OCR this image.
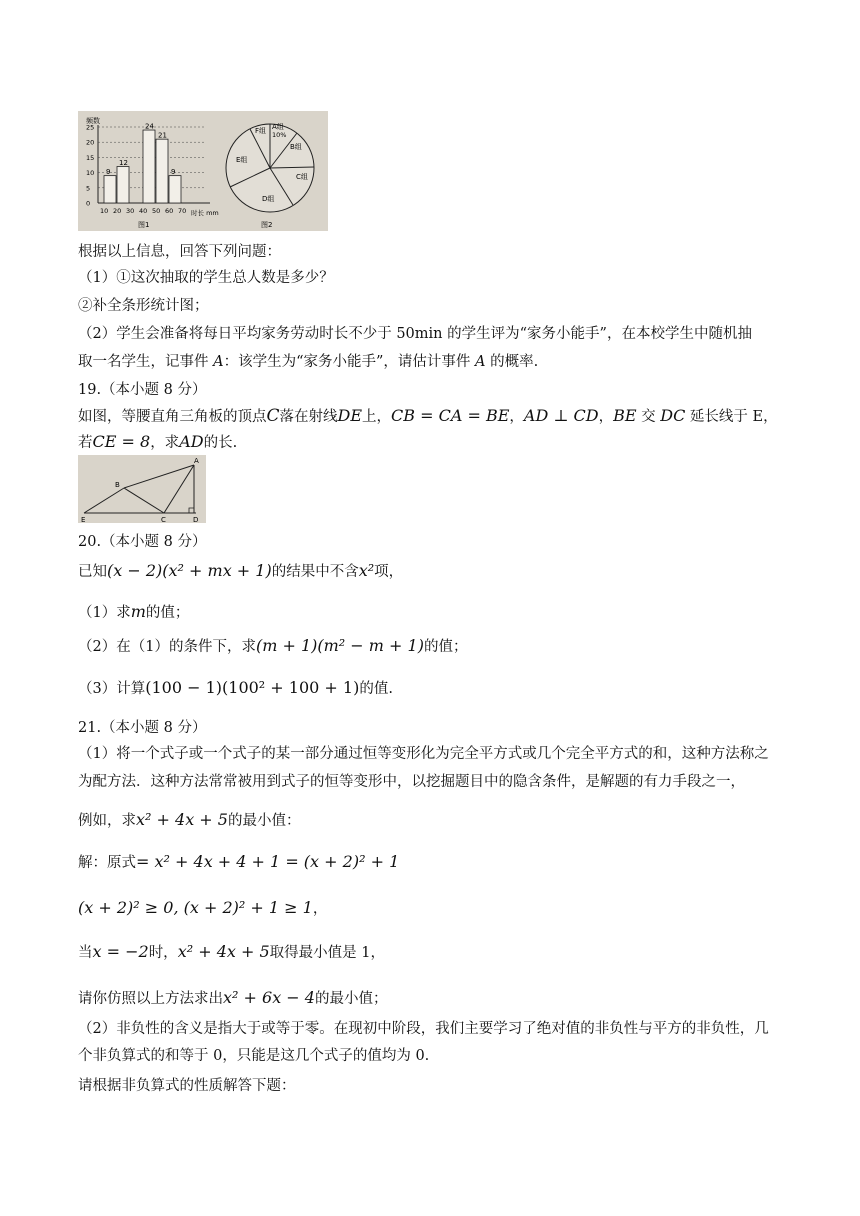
频数
时长 mm
图1
25
20
15
10
5
0
10 20 30 40 50 60 70
9
12
24
21
9
F组 A组
10%
B组
C组
D组
E组
图2
根据以上信息，回答下列问题：
（1）①这次抽取的学生总人数是多少？
②补全条形统计图；
（2）学生会准备将每日平均家务劳动时长不少于 50min 的学生评为“家务小能手”，在本校学生中随机抽
取一名学生，记事件 A：该学生为“家务小能手”，请估计事件 A 的概率.
19.（本小题 8 分）
如图，等腰直角三角板的顶点C落在射线DE上，CB = CA = BE，AD ⊥ CD，BE 交 DC 延长线于 E，
若CE = 8，求AD的长.
A
B
E	C	D
20.（本小题 8 分）
已知(x − 2)(x² + mx + 1)的结果中不含x²项，
（1）求m的值；
（2）在（1）的条件下，求(m + 1)(m² − m + 1)的值；
（3）计算(100 − 1)(100² + 100 + 1)的值.
21.（本小题 8 分）
（1）将一个式子或一个式子的某一部分通过恒等变形化为完全平方式或几个完全平方式的和，这种方法称之为配方法．这种方法常常被用到式子的恒等变形中，以挖掘题目中的隐含条件，是解题的有力手段之一，
例如，求x² + 4x + 5的最小值：
解：原式= x² + 4x + 4 + 1 = (x + 2)² + 1
(x + 2)² ≥ 0, (x + 2)² + 1 ≥ 1，
当x = −2时，x² + 4x + 5取得最小值是 1，
请你仿照以上方法求出x² + 6x − 4的最小值；
（2）非负性的含义是指大于或等于零。在现初中阶段，我们主要学习了绝对值的非负性与平方的非负性，几个非负算式的和等于 0，只能是这几个式子的值均为 0.
请根据非负算式的性质解答下题：
